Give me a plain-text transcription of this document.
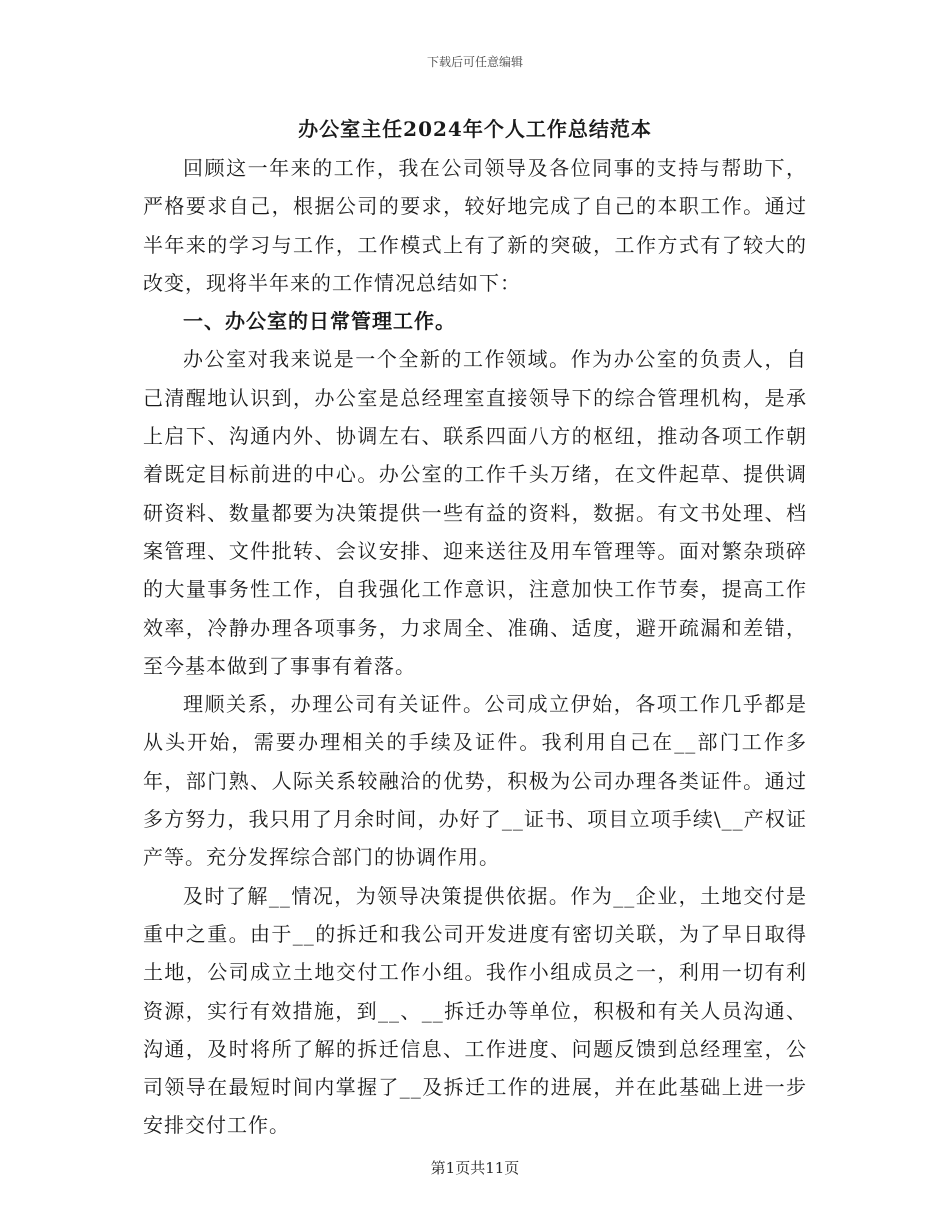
下载后可任意编辑
办公室主任2024年个人工作总结范本

回顾这一年来的工作，我在公司领导及各位同事的支持与帮助下，严格要求自己，根据公司的要求，较好地完成了自己的本职工作。通过半年来的学习与工作，工作模式上有了新的突破，工作方式有了较大的改变，现将半年来的工作情况总结如下：

一、办公室的日常管理工作。

办公室对我来说是一个全新的工作领域。作为办公室的负责人，自己清醒地认识到，办公室是总经理室直接领导下的综合管理机构，是承上启下、沟通内外、协调左右、联系四面八方的枢纽，推动各项工作朝着既定目标前进的中心。办公室的工作千头万绪，在文件起草、提供调研资料、数量都要为决策提供一些有益的资料，数据。有文书处理、档案管理、文件批转、会议安排、迎来送往及用车管理等。面对繁杂琐碎的大量事务性工作，自我强化工作意识，注意加快工作节奏，提高工作效率，冷静办理各项事务，力求周全、准确、适度，避开疏漏和差错，至今基本做到了事事有着落。

理顺关系，办理公司有关证件。公司成立伊始，各项工作几乎都是从头开始，需要办理相关的手续及证件。我利用自己在__部门工作多年，部门熟、人际关系较融洽的优势，积极为公司办理各类证件。通过多方努力，我只用了月余时间，办好了__证书、项目立项手续\__产权证产等。充分发挥综合部门的协调作用。

及时了解__情况，为领导决策提供依据。作为__企业，土地交付是重中之重。由于__的拆迁和我公司开发进度有密切关联，为了早日取得土地，公司成立土地交付工作小组。我作小组成员之一，利用一切有利资源，实行有效措施，到__、__拆迁办等单位，积极和有关人员沟通、沟通，及时将所了解的拆迁信息、工作进度、问题反馈到总经理室，公司领导在最短时间内掌握了__及拆迁工作的进展，并在此基础上进一步安排交付工作。

第1页共11页
